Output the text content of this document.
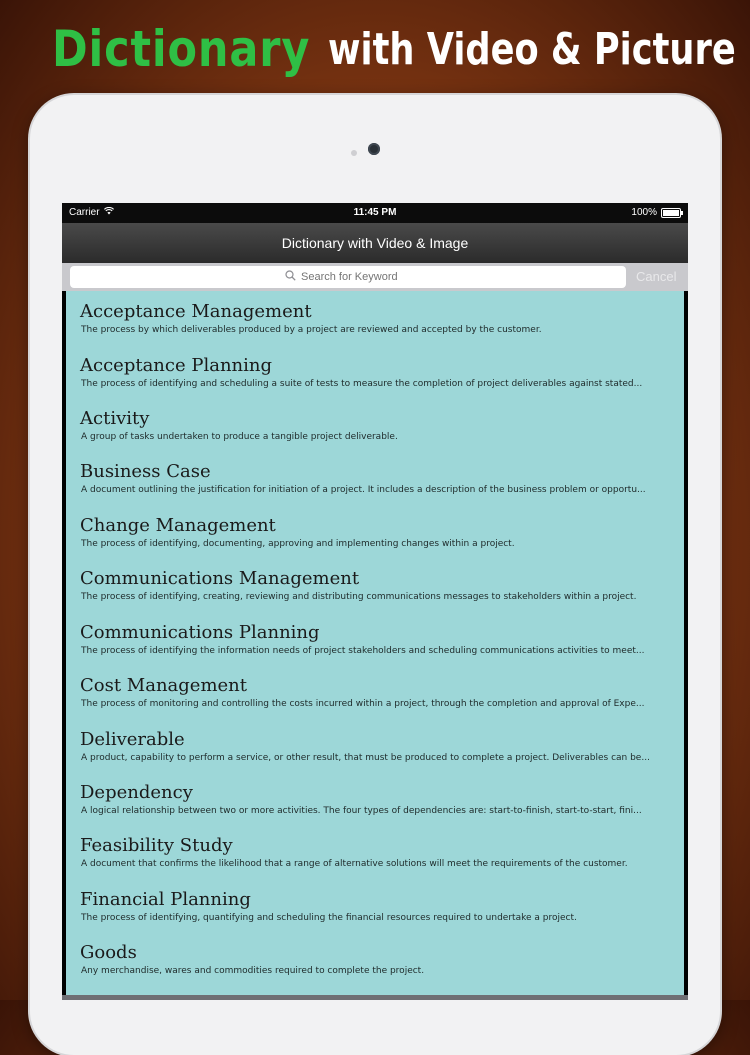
Dictionary with Video & Picture
Carrier	11:45 PM	100%
Dictionary with Video & Image
Search for Keyword
Cancel
Acceptance Management
The process by which deliverables produced by a project are reviewed and accepted by the customer.
Acceptance Planning
The process of identifying and scheduling a suite of tests to measure the completion of project deliverables against stated...
Activity
A group of tasks undertaken to produce a tangible project deliverable.
Business Case
A document outlining the justification for initiation of a project. It includes a description of the business problem or opportu...
Change Management
The process of identifying, documenting, approving and implementing changes within a project.
Communications Management
The process of identifying, creating, reviewing and distributing communications messages to stakeholders within a project.
Communications Planning
The process of identifying the information needs of project stakeholders and scheduling communications activities to meet...
Cost Management
The process of monitoring and controlling the costs incurred within a project, through the completion and approval of Expe...
Deliverable
A product, capability to perform a service, or other result, that must be produced to complete a project. Deliverables can be...
Dependency
A logical relationship between two or more activities. The four types of dependencies are: start-to-finish, start-to-start, fini...
Feasibility Study
A document that confirms the likelihood that a range of alternative solutions will meet the requirements of the customer.
Financial Planning
The process of identifying, quantifying and scheduling the financial resources required to undertake a project.
Goods
Any merchandise, wares and commodities required to complete the project.
